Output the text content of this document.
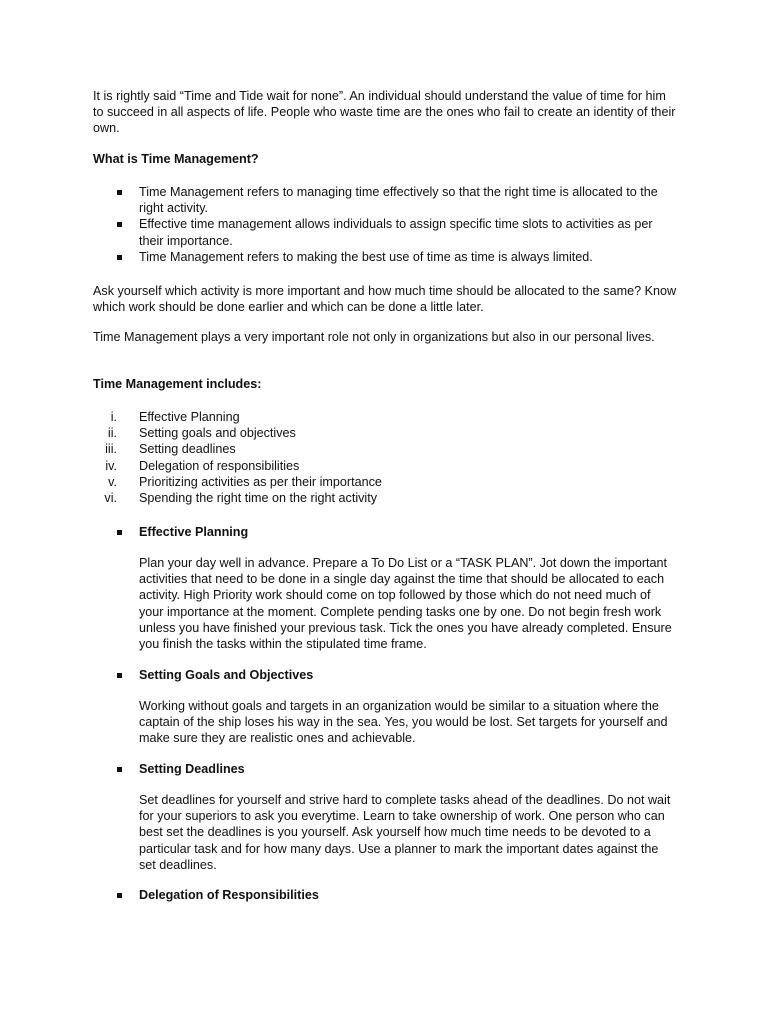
It is rightly said “Time and Tide wait for none”. An individual should understand the value of time for him to succeed in all aspects of life. People who waste time are the ones who fail to create an identity of their own.

What is Time Management?

Time Management refers to managing time effectively so that the right time is allocated to the right activity.
Effective time management allows individuals to assign specific time slots to activities as per their importance.
Time Management refers to making the best use of time as time is always limited.

Ask yourself which activity is more important and how much time should be allocated to the same? Know which work should be done earlier and which can be done a little later.

Time Management plays a very important role not only in organizations but also in our personal lives.

Time Management includes:

i. Effective Planning
ii. Setting goals and objectives
iii. Setting deadlines
iv. Delegation of responsibilities
v. Prioritizing activities as per their importance
vi. Spending the right time on the right activity
Effective Planning

Plan your day well in advance. Prepare a To Do List or a “TASK PLAN”. Jot down the important activities that need to be done in a single day against the time that should be allocated to each activity. High Priority work should come on top followed by those which do not need much of your importance at the moment. Complete pending tasks one by one. Do not begin fresh work unless you have finished your previous task. Tick the ones you have already completed. Ensure you finish the tasks within the stipulated time frame.

Setting Goals and Objectives

Working without goals and targets in an organization would be similar to a situation where the captain of the ship loses his way in the sea. Yes, you would be lost. Set targets for yourself and make sure they are realistic ones and achievable.

Setting Deadlines

Set deadlines for yourself and strive hard to complete tasks ahead of the deadlines. Do not wait for your superiors to ask you everytime. Learn to take ownership of work. One person who can best set the deadlines is you yourself. Ask yourself how much time needs to be devoted to a particular task and for how many days. Use a planner to mark the important dates against the set deadlines.

Delegation of Responsibilities
